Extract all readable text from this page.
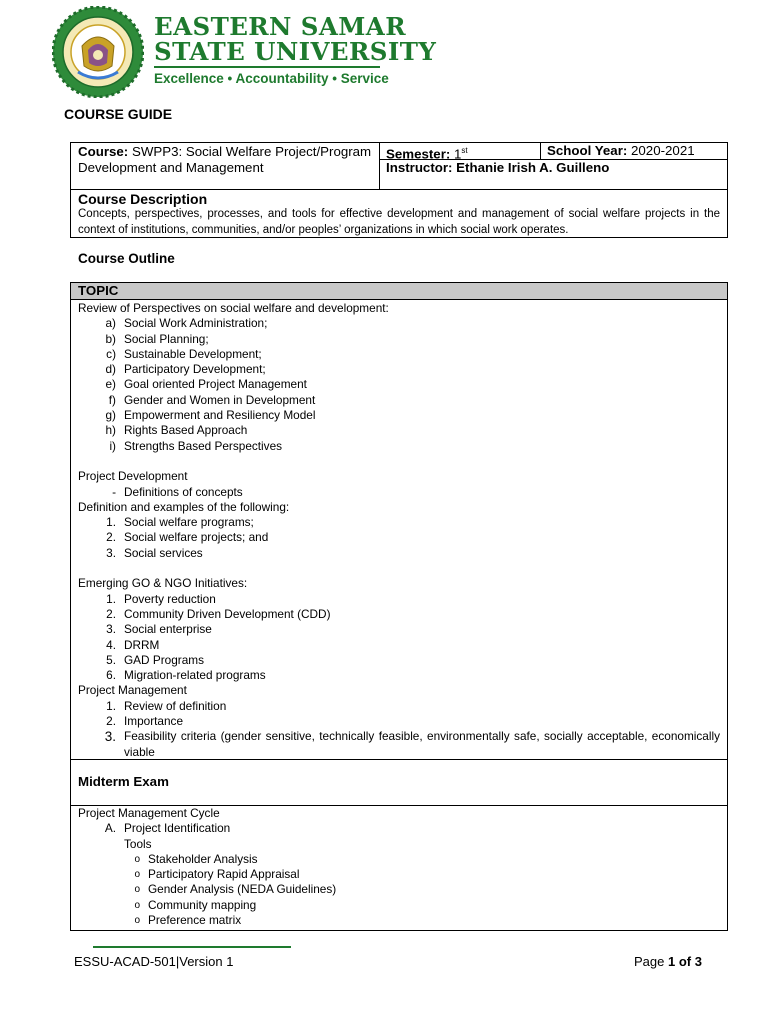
EASTERN SAMAR
STATE UNIVERSITY
Excellence • Accountability • Service
COURSE GUIDE
Course: SWPP3: Social Welfare Project/Program Development and Management
Semester: 1st	School Year: 2020-2021
Instructor: Ethanie Irish A. Guilleno
Course Description
Concepts, perspectives, processes, and tools for effective development and management of social welfare projects in the context of institutions, communities, and/or peoples’ organizations in which social work operates.
Course Outline
TOPIC
Review of Perspectives on social welfare and development:
a) Social Work Administration;
b) Social Planning;
c) Sustainable Development;
d) Participatory Development;
e) Goal oriented Project Management
f) Gender and Women in Development
g) Empowerment and Resiliency Model
h) Rights Based Approach
i) Strengths Based Perspectives
Project Development
- Definitions of concepts
Definition and examples of the following:
1. Social welfare programs;
2. Social welfare projects; and
3. Social services
Emerging GO & NGO Initiatives:
1. Poverty reduction
2. Community Driven Development (CDD)
3. Social enterprise
4. DRRM
5. GAD Programs
6. Migration-related programs
Project Management
1. Review of definition
2. Importance
3. Feasibility criteria (gender sensitive, technically feasible, environmentally safe, socially acceptable, economically viable
Midterm Exam
Project Management Cycle
A. Project Identification
Tools
o Stakeholder Analysis
o Participatory Rapid Appraisal
o Gender Analysis (NEDA Guidelines)
o Community mapping
o Preference matrix
ESSU-ACAD-501|Version 1	Page 1 of 3
